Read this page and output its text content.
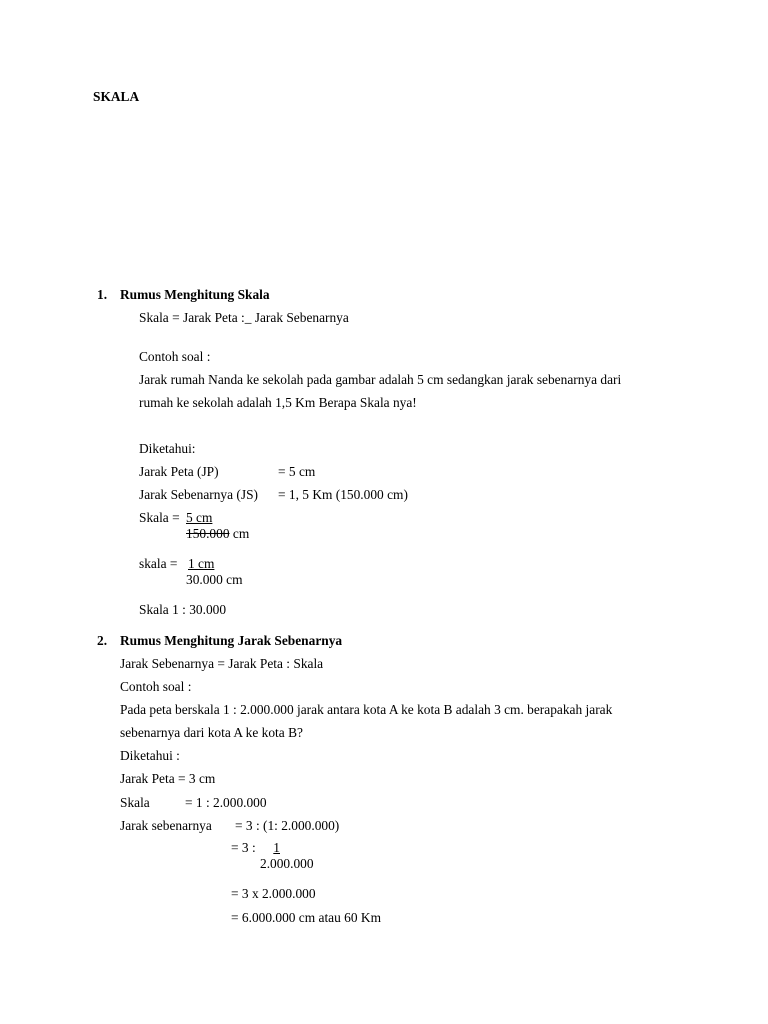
SKALA
1. Rumus Menghitung Skala
Skala = Jarak Peta :_ Jarak Sebenarnya
Contoh soal :
Jarak rumah Nanda ke sekolah pada gambar adalah 5 cm sedangkan jarak sebenarnya dari
rumah ke sekolah adalah 1,5 Km Berapa Skala nya!
Diketahui:
Jarak Peta (JP)	= 5 cm
Jarak Sebenarnya (JS) = 1, 5 Km (150.000 cm)
Skala = 5 cm
150.000 cm
skala = 1 cm
30.000 cm
Skala 1 : 30.000
2. Rumus Menghitung Jarak Sebenarnya
Jarak Sebenarnya = Jarak Peta : Skala
Contoh soal :
Pada peta berskala 1 : 2.000.000 jarak antara kota A ke kota B adalah 3 cm. berapakah jarak
sebenarnya dari kota A ke kota B?
Diketahui :
Jarak Peta = 3 cm
Skala	= 1 : 2.000.000
Jarak sebenarnya = 3 : (1: 2.000.000)
= 3 :	1
2.000.000
= 3 x 2.000.000
= 6.000.000 cm atau 60 Km
